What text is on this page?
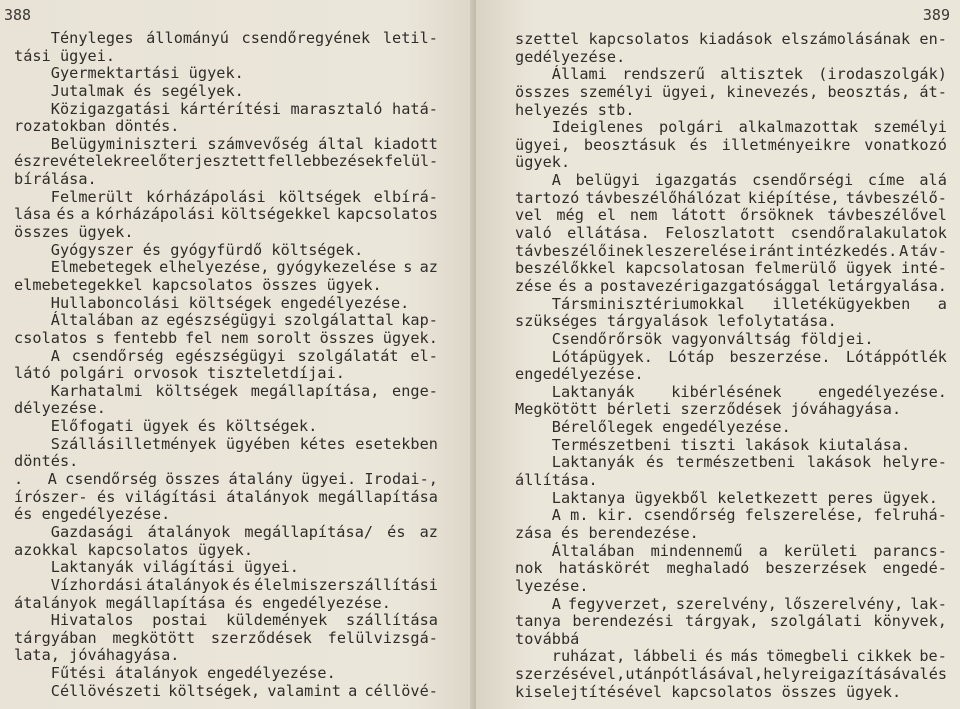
388
Tényleges állományú csendőregyének letil-
tási ügyei.
Gyermektartási ügyek.
Jutalmak és segélyek.
Közigazgatási kártérítési marasztaló hatá-
rozatokban döntés.
Belügyminiszteri számvevőség által kiadott
észrevételekre előterjesztett fellebbezések felül-
bírálása.
Felmerült kórházápolási költségek elbírá-
lása és a kórházápolási költségekkel kapcsolatos
összes ügyek.
Gyógyszer és gyógyfürdő költségek.
Elmebetegek elhelyezése, gyógykezelése s az
elmebetegekkel kapcsolatos összes ügyek.
Hullaboncolási költségek engedélyezése.
Általában az egészségügyi szolgálattal kap-
csolatos s fentebb fel nem sorolt összes ügyek.
A csendőrség egészségügyi szolgálatát el-
látó polgári orvosok tiszteletdíjai.
Karhatalmi költségek megállapítása, enge-
délyezése.
Előfogati ügyek és költségek.
Szállásilletmények ügyében kétes esetekben
döntés.
. A csendőrség összes átalány ügyei. Irodai-,
írószer- és világítási átalányok megállapítása
és engedélyezése.
Gazdasági átalányok megállapítása/ és az
azokkal kapcsolatos ügyek.
Laktanyák világítási ügyei.
Vízhordási átalányok és élelmiszerszállítási
átalányok megállapítása és engedélyezése.
Hivatalos postai küldemények szállítása
tárgyában megkötött szerződések felülvizsgá-
lata, jóváhagyása.
Fűtési átalányok engedélyezése.
Céllövészeti költségek, valamint a céllövé-
389
szettel kapcsolatos kiadások elszámolásának en-
gedélyezése.
Állami rendszerű altisztek (irodaszolgák)
összes személyi ügyei, kinevezés, beosztás, át-
helyezés stb.
Ideiglenes polgári alkalmazottak személyi
ügyei, beosztásuk és illetményeikre vonatkozó
ügyek.
A belügyi igazgatás csendőrségi címe alá
tartozó távbeszélőhálózat kiépítése, távbeszélő-
vel még el nem látott őrsöknek távbeszélővel
való ellátása. Feloszlatott csendőralakulatok
távbeszélőinek leszerelése iránt intézkedés. A táv-
beszélőkkel kapcsolatosan felmerülő ügyek inté-
zése és a postavezérigazgatósággal letárgyalása.
Társminisztériumokkal illetékügyekben a
szükséges tárgyalások lefolytatása.
Csendőrőrsök vagyonváltság földjei.
Lótápügyek. Lótáp beszerzése. Lótáppótlék
engedélyezése.
Laktanyák kibérlésének engedélyezése.
Megkötött bérleti szerződések jóváhagyása.
Bérelőlegek engedélyezése.
Természetbeni tiszti lakások kiutalása.
Laktanyák és természetbeni lakások helyre-
állítása.
Laktanya ügyekből keletkezett peres ügyek.
A m. kir. csendőrség felszerelése, felruhá-
zása és berendezése.
Általában mindennemű a kerületi parancs-
nok hatáskörét meghaladó beszerzések engedé-
lyezése.
A fegyverzet, szerelvény, lőszerelvény, lak-
tanya berendezési tárgyak, szolgálati könyvek,
továbbá
ruházat, lábbeli és más tömegbeli cikkek be-
szerzésével, utánpótlásával, helyreigazításával és
kiselejtítésével kapcsolatos összes ügyek.
